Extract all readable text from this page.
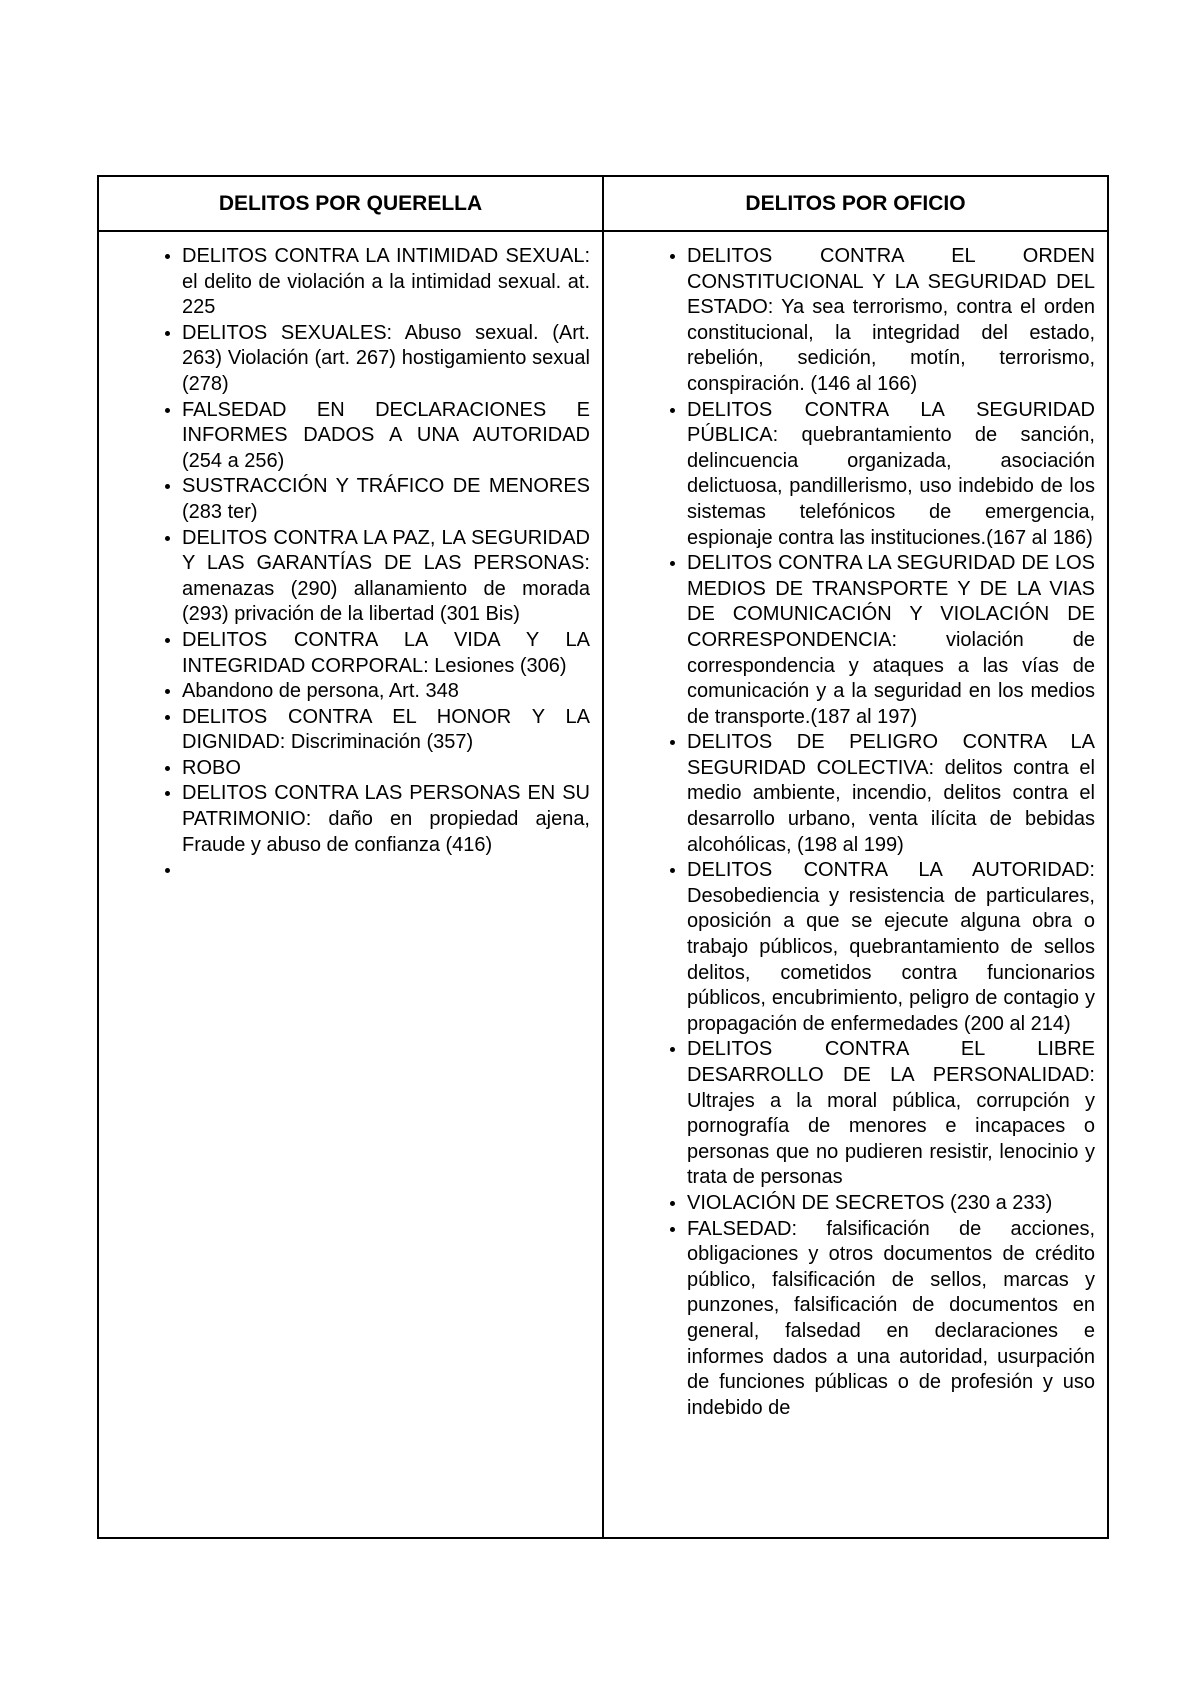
DELITOS POR QUERELLA	DELITOS POR OFICIO
• DELITOS CONTRA LA INTIMIDAD SEXUAL: el delito de violación a la intimidad sexual. at. 225
• DELITOS SEXUALES: Abuso sexual. (Art. 263) Violación (art. 267) hostigamiento sexual (278)
• FALSEDAD EN DECLARACIONES E INFORMES DADOS A UNA AUTORIDAD (254 a 256)
• SUSTRACCIÓN Y TRÁFICO DE MENORES (283 ter)
• DELITOS CONTRA LA PAZ, LA SEGURIDAD Y LAS GARANTÍAS DE LAS PERSONAS: amenazas (290) allanamiento de morada (293) privación de la libertad (301 Bis)
• DELITOS CONTRA LA VIDA Y LA INTEGRIDAD CORPORAL: Lesiones (306)
• Abandono de persona, Art. 348
• DELITOS CONTRA EL HONOR Y LA DIGNIDAD: Discriminación (357)
• ROBO
• DELITOS CONTRA LAS PERSONAS EN SU PATRIMONIO: daño en propiedad ajena, Fraude y abuso de confianza (416)
•
• DELITOS CONTRA EL ORDEN CONSTITUCIONAL Y LA SEGURIDAD DEL ESTADO: Ya sea terrorismo, contra el orden constitucional, la integridad del estado, rebelión, sedición, motín, terrorismo, conspiración. (146 al 166)
• DELITOS CONTRA LA SEGURIDAD PÚBLICA: quebrantamiento de sanción, delincuencia organizada, asociación delictuosa, pandillerismo, uso indebido de los sistemas telefónicos de emergencia, espionaje contra las instituciones.(167 al 186)
• DELITOS CONTRA LA SEGURIDAD DE LOS MEDIOS DE TRANSPORTE Y DE LA VIAS DE COMUNICACIÓN Y VIOLACIÓN DE CORRESPONDENCIA: violación de correspondencia y ataques a las vías de comunicación y a la seguridad en los medios de transporte.(187 al 197)
• DELITOS DE PELIGRO CONTRA LA SEGURIDAD COLECTIVA: delitos contra el medio ambiente, incendio, delitos contra el desarrollo urbano, venta ilícita de bebidas alcohólicas, (198 al 199)
• DELITOS CONTRA LA AUTORIDAD: Desobediencia y resistencia de particulares, oposición a que se ejecute alguna obra o trabajo públicos, quebrantamiento de sellos delitos, cometidos contra funcionarios públicos, encubrimiento, peligro de contagio y propagación de enfermedades (200 al 214)
• DELITOS CONTRA EL LIBRE DESARROLLO DE LA PERSONALIDAD: Ultrajes a la moral pública, corrupción y pornografía de menores e incapaces o personas que no pudieren resistir, lenocinio y trata de personas
• VIOLACIÓN DE SECRETOS (230 a 233)
• FALSEDAD: falsificación de acciones, obligaciones y otros documentos de crédito público, falsificación de sellos, marcas y punzones, falsificación de documentos en general, falsedad en declaraciones e informes dados a una autoridad, usurpación de funciones públicas o de profesión y uso indebido de
